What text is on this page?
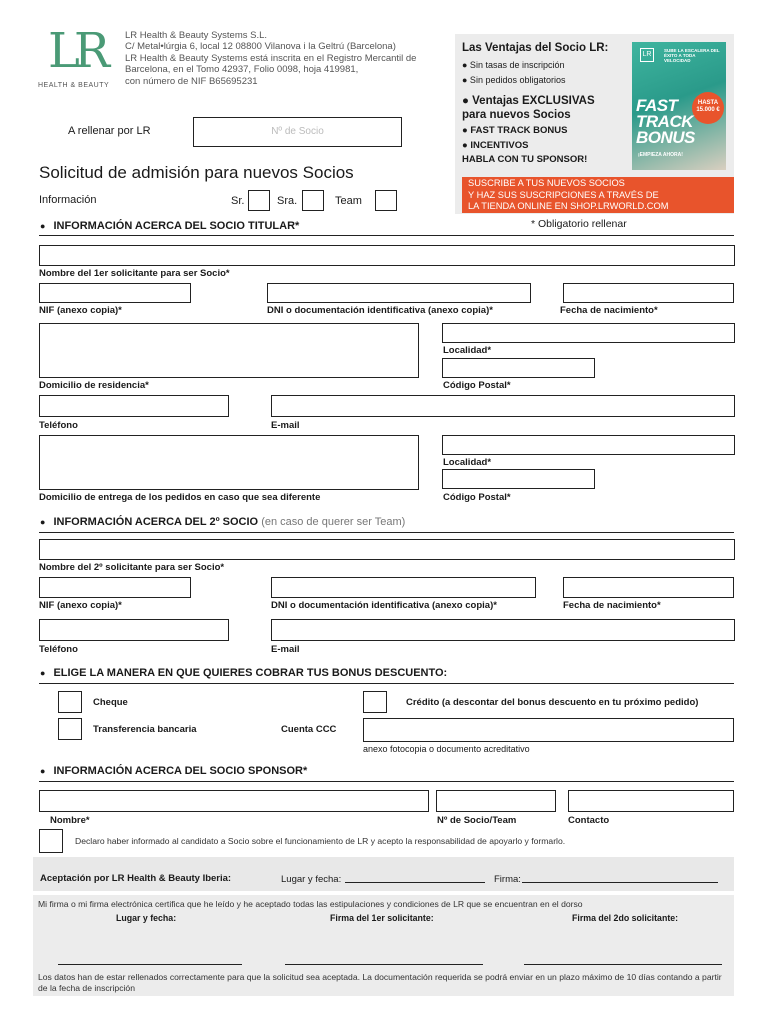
LR
HEALTH & BEAUTY
LR Health & Beauty Systems S.L.
C/ Metal•lúrgia 6, local 12 08800 Vilanova i la Geltrú (Barcelona)
LR Health & Beauty Systems está inscrita en el Registro Mercantil de
Barcelona, en el Tomo 42937, Folio 0098, hoja 419981,
con número de NIF B65695231
Las Ventajas del Socio LR:
● Sin tasas de inscripción
● Sin pedidos obligatorios
● Ventajas EXCLUSIVAS
para nuevos Socios
● FAST TRACK BONUS
● INCENTIVOS
HABLA CON TU SPONSOR!
LR
SUBE LA ESCALERA DEL ÉXITO A TODA VELOCIDAD
HASTA 15.000 €
FAST
TRACK
BONUS
¡EMPIEZA AHORA!
SUSCRIBE A TUS NUEVOS SOCIOS
Y HAZ SUS SUSCRIPCIONES A TRAVÉS DE
LA TIENDA ONLINE EN SHOP.LRWORLD.COM
A rellenar por LR	Nº de Socio
Solicitud de admisión para nuevos Socios
Información	Sr.	Sra.	Team
* Obligatorio rellenar
● INFORMACIÓN ACERCA DEL SOCIO TITULAR*
Nombre del 1er solicitante para ser Socio*
NIF (anexo copia)*	DNI o documentación identificativa (anexo copia)*	Fecha de nacimiento*
Domicilio de residencia*
Localidad*
Código Postal*
Teléfono	E-mail
Domicilio de entrega de los pedidos en caso que sea diferente
Localidad*
Código Postal*
● INFORMACIÓN ACERCA DEL 2º SOCIO (en caso de querer ser Team)
Nombre del 2º solicitante para ser Socio*
NIF (anexo copia)*	DNI o documentación identificativa (anexo copia)*	Fecha de nacimiento*
Teléfono	E-mail
● ELIGE LA MANERA EN QUE QUIERES COBRAR TUS BONUS DESCUENTO:
Cheque	Crédito (a descontar del bonus descuento en tu próximo pedido)
Transferencia bancaria	Cuenta CCC
anexo fotocopia o documento acreditativo
● INFORMACIÓN ACERCA DEL SOCIO SPONSOR*
Nombre*	Nº de Socio/Team	Contacto
Declaro haber informado al candidato a Socio sobre el funcionamiento de LR y acepto la responsabilidad de apoyarlo y formarlo.
Aceptación por LR Health & Beauty Iberia:	Lugar y fecha:	Firma:
Mi firma o mi firma electrónica certifica que he leído y he aceptado todas las estipulaciones y condiciones de LR que se encuentran en el dorso
Lugar y fecha:	Firma del 1er solicitante:	Firma del 2do solicitante:
Los datos han de estar rellenados correctamente para que la solicitud sea aceptada. La documentación requerida se podrá enviar en un plazo máximo de 10 días contando a partir de la fecha de inscripción
